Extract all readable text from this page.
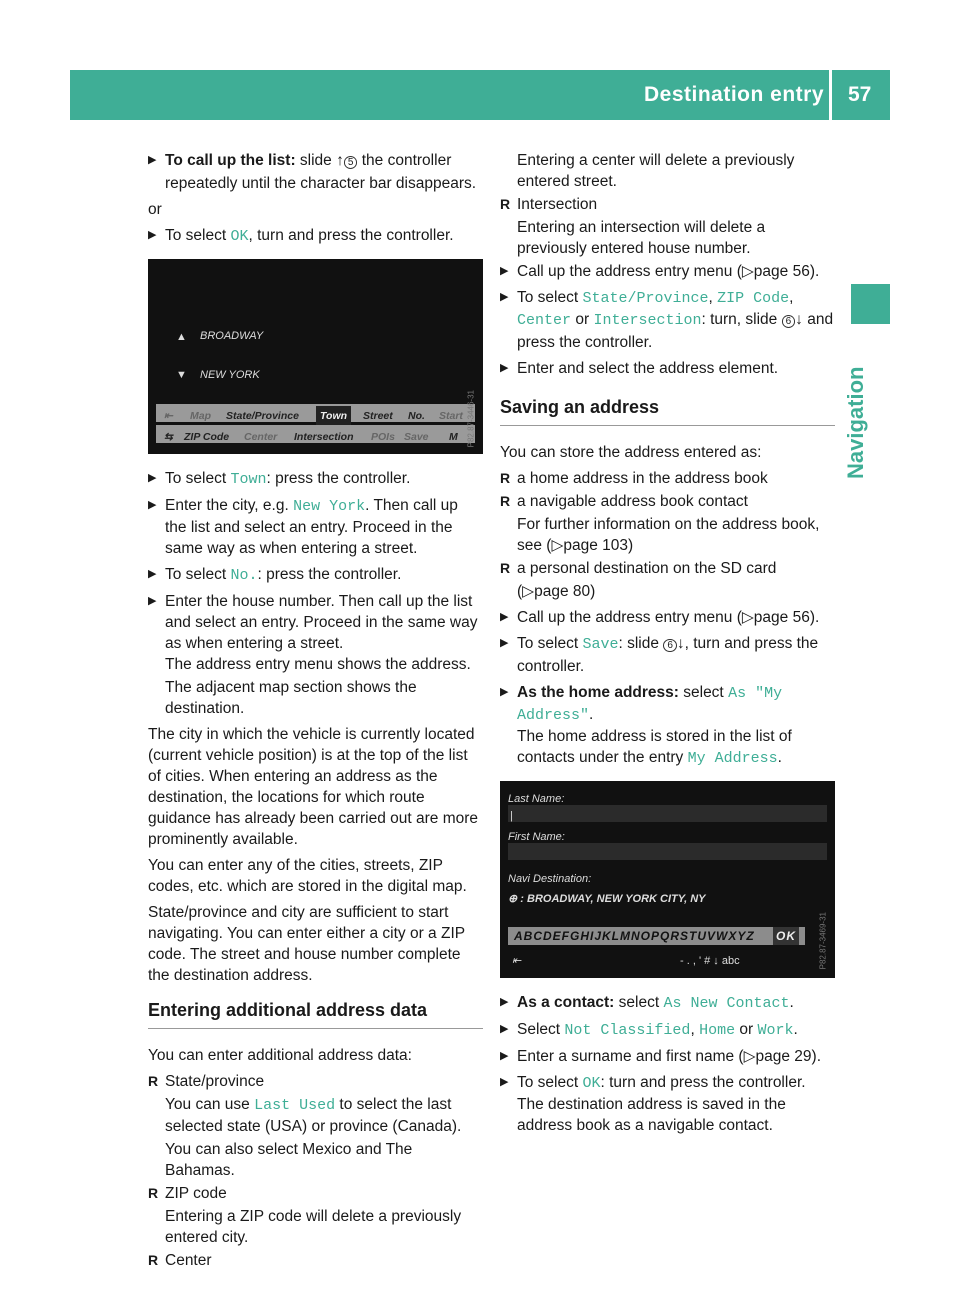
Destination entry 57
Navigation
▶ To call up the list: slide ↑ 5 the controller repeatedly until the character bar disappears.

or

▶ To select OK, turn and press the controller.
▲ BROADWAY
▼ NEW YORK
⇤ Map State/Province	Town	Street No. Start
⇆ ZIP Code Center Intersection POIs Save M	P82.87-3446-31
▶ To select Town: press the controller.
▶ Enter the city, e.g. New York. Then call up the list and select an entry. Proceed in the same way as when entering a street.
▶ To select No.: press the controller.
▶ Enter the house number. Then call up the list and select an entry. Proceed in the same way as when entering a street.
The address entry menu shows the address.
The adjacent map section shows the destination.

The city in which the vehicle is currently located (current vehicle position) is at the top of the list of cities. When entering an address as the destination, the locations for which route guidance has already been carried out are more prominently available.

You can enter any of the cities, streets, ZIP codes, etc. which are stored in the digital map.

State/province and city are sufficient to start navigating. You can enter either a city or a ZIP code. The street and house number complete the destination address.

Entering additional address data

You can enter additional address data:

R State/province
You can use Last Used to select the last selected state (USA) or province (Canada).
You can also select Mexico and The Bahamas.
R ZIP code
Entering a ZIP code will delete a previously entered city.
R Center
Entering a center will delete a previously entered street.
R Intersection
Entering an intersection will delete a previously entered house number.
▶ Call up the address entry menu (▷page 56).
▶ To select State/Province, ZIP Code, Center or Intersection: turn, slide 6 ↓ and press the controller.
▶ Enter and select the address element.
Saving an address

You can store the address entered as:

R a home address in the address book
R a navigable address book contact
For further information on the address book, see (▷page 103)
R a personal destination on the SD card
(▷page 80)
▶ Call up the address entry menu (▷page 56).
▶ To select Save: slide 6 ↓, turn and press the controller.
▶ As the home address: select As "My Address".
The home address is stored in the list of contacts under the entry My Address.
Last Name:
|
First Name:
Navi Destination:
⊕ : BROADWAY, NEW YORK CITY, NY
ABCDEFGHIJKLMNOPQRSTUVWXYZ OK
⇤	- . , ' # ↓ abc	P82.87-3469-31
▶ As a contact: select As New Contact.
▶ Select Not Classified, Home or Work.
▶ Enter a surname and first name (▷page 29).
▶ To select OK: turn and press the controller.
The destination address is saved in the address book as a navigable contact.
